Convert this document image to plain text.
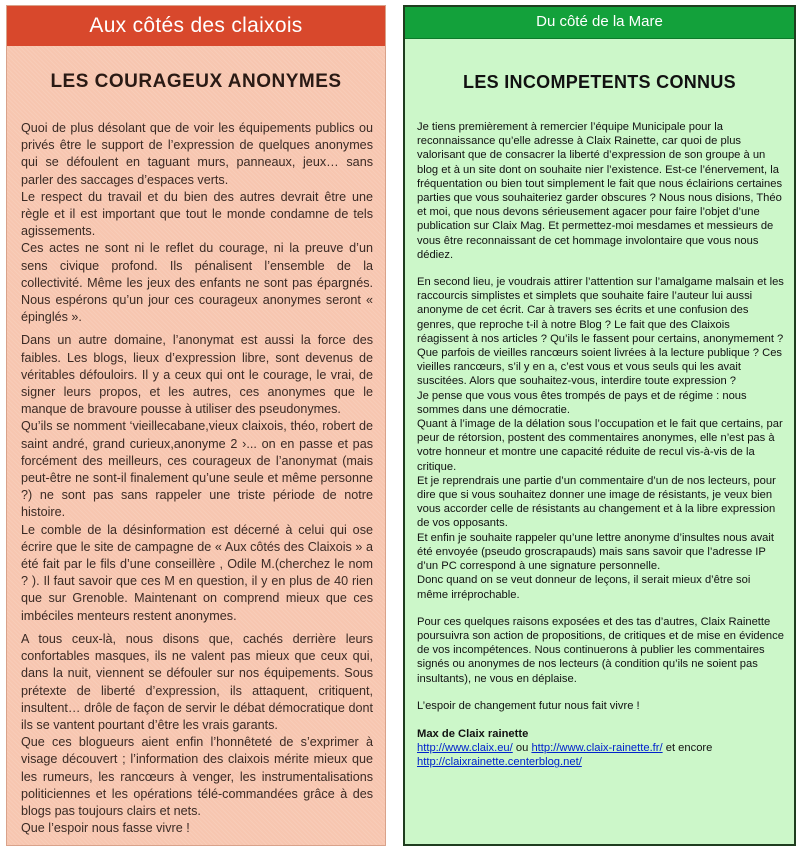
Aux côtés des claixois
LES COURAGEUX ANONYMES

Quoi de plus désolant que de voir les équipements publics ou privés être le support de l’expression de quelques anonymes qui se défoulent en taguant murs, panneaux, jeux… sans parler des saccages d’espaces verts.

Le respect du travail et du bien des autres devrait être une règle et il est important que tout le monde condamne de tels agissements.

Ces actes ne sont ni le reflet du courage, ni la preuve d’un sens civique profond. Ils pénalisent l’ensemble de la collectivité. Même les jeux des enfants ne sont pas épargnés. Nous espérons qu’un jour ces courageux anonymes seront « épinglés ».

Dans un autre domaine, l’anonymat est aussi la force des faibles. Les blogs, lieux d’expression libre, sont devenus de véritables défouloirs. Il y a ceux qui ont le courage, le vrai, de signer leurs propos, et les autres, ces anonymes que le manque de bravoure pousse à utiliser des pseudonymes.

Qu’ils se nomment ‘vieillecabane,vieux claixois, théo, robert de saint andré, grand curieux,anonyme 2 ›... on en passe et pas forcément des meilleurs, ces courageux de l’anonymat (mais peut-être ne sont-il finalement qu’une seule et même personne ?) ne sont pas sans rappeler une triste période de notre histoire.

Le comble de la désinformation est décerné à celui qui ose écrire que le site de campagne de « Aux côtés des Claixois » a été fait par le fils d’une conseillère , Odile M.(cherchez le nom ? ). Il faut savoir que ces M en question, il y en plus de 40 rien que sur Grenoble. Maintenant on comprend mieux que ces imbéciles menteurs restent anonymes.

A tous ceux-là, nous disons que, cachés derrière leurs confortables masques, ils ne valent pas mieux que ceux qui, dans la nuit, viennent se défouler sur nos équipements. Sous prétexte de liberté d’expression, ils attaquent, critiquent, insultent… drôle de façon de servir le débat démocratique dont ils se vantent pourtant d’être les vrais garants.

Que ces blogueurs aient enfin l’honnêteté de s’exprimer à visage découvert ; l’information des claixois mérite mieux que les rumeurs, les rancœurs à venger, les instrumentalisations politiciennes et les opérations télé-commandées grâce à des blogs pas toujours clairs et nets.

Que l’espoir nous fasse vivre !

Du côté de la Mare
LES INCOMPETENTS CONNUS

Je tiens premièrement à remercier l’équipe Municipale pour la reconnaissance qu’elle adresse à Claix Rainette, car quoi de plus valorisant que de consacrer la liberté d’expression de son groupe à un blog et à un site dont on souhaite nier l’existence. Est-ce l’énervement, la fréquentation ou bien tout simplement le fait que nous éclairions certaines parties que vous souhaiteriez garder obscures ? Nous nous disions, Théo et moi, que nous devons sérieusement agacer pour faire l’objet d’une publication sur Claix Mag. Et permettez-moi mesdames et messieurs de vous être reconnaissant de cet hommage involontaire que vous nous dédiez.

En second lieu, je voudrais attirer l’attention sur l’amalgame malsain et les raccourcis simplistes et simplets que souhaite faire l’auteur lui aussi anonyme de cet écrit. Car à travers ses écrits et une confusion des genres, que reproche t-il à notre Blog ? Le fait que des Claixois réagissent à nos articles ? Qu’ils le fassent pour certains, anonymement ? Que parfois de vieilles rancœurs soient livrées à la lecture publique ? Ces vieilles rancœurs, s’il y en a, c’est vous et vous seuls qui les avait suscitées. Alors que souhaitez-vous, interdire toute expression ?

Je pense que vous vous êtes trompés de pays et de régime : nous sommes dans une démocratie.

Quant à l’image de la délation sous l’occupation et le fait que certains, par peur de rétorsion, postent des commentaires anonymes, elle n’est pas à votre honneur et montre une capacité réduite de recul vis-à-vis de la critique.

Et je reprendrais une partie d’un commentaire d’un de nos lecteurs, pour dire que si vous souhaitez donner une image de résistants, je veux bien vous accorder celle de résistants au changement et à la libre expression de vos opposants.

Et enfin je souhaite rappeler qu’une lettre anonyme d’insultes nous avait été envoyée (pseudo groscrapauds) mais sans savoir que l’adresse IP d’un PC correspond à une signature personnelle.

Donc quand on se veut donneur de leçons, il serait mieux d’être soi même irréprochable.

Pour ces quelques raisons exposées et des tas d’autres, Claix Rainette poursuivra son action de propositions, de critiques et de mise en évidence de vos incompétences. Nous continuerons à publier les commentaires signés ou anonymes de nos lecteurs (à condition qu’ils ne soient pas insultants), ne vous en déplaise.

L’espoir de changement futur nous fait vivre !

Max de Claix rainette

http://www.claix.eu/ ou http://www.claix-rainette.fr/ et encore http://claixrainette.centerblog.net/
